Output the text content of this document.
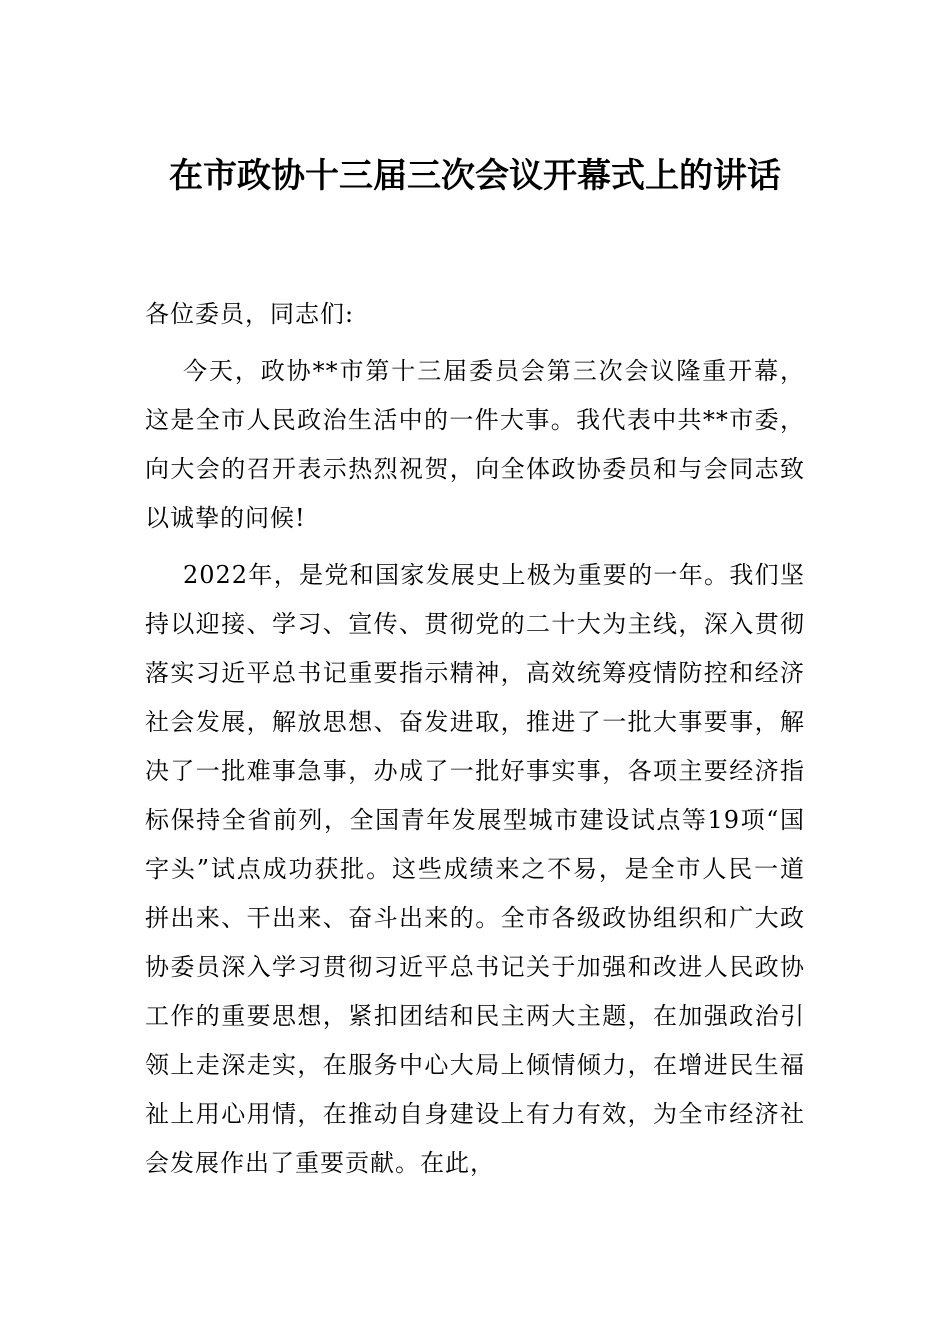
在市政协十三届三次会议开幕式上的讲话

各位委员，同志们:

今天，政协**市第十三届委员会第三次会议隆重开幕，这是全市人民政治生活中的一件大事。我代表中共**市委，向大会的召开表示热烈祝贺，向全体政协委员和与会同志致以诚挚的问候!

2022年，是党和国家发展史上极为重要的一年。我们坚持以迎接、学习、宣传、贯彻党的二十大为主线，深入贯彻落实习近平总书记重要指示精神，高效统筹疫情防控和经济社会发展，解放思想、奋发进取，推进了一批大事要事，解决了一批难事急事，办成了一批好事实事，各项主要经济指标保持全省前列，全国青年发展型城市建设试点等19项“国字头”试点成功获批。这些成绩来之不易，是全市人民一道拼出来、干出来、奋斗出来的。全市各级政协组织和广大政协委员深入学习贯彻习近平总书记关于加强和改进人民政协工作的重要思想，紧扣团结和民主两大主题，在加强政治引领上走深走实，在服务中心大局上倾情倾力，在增进民生福祉上用心用情，在推动自身建设上有力有效，为全市经济社会发展作出了重要贡献。在此，
